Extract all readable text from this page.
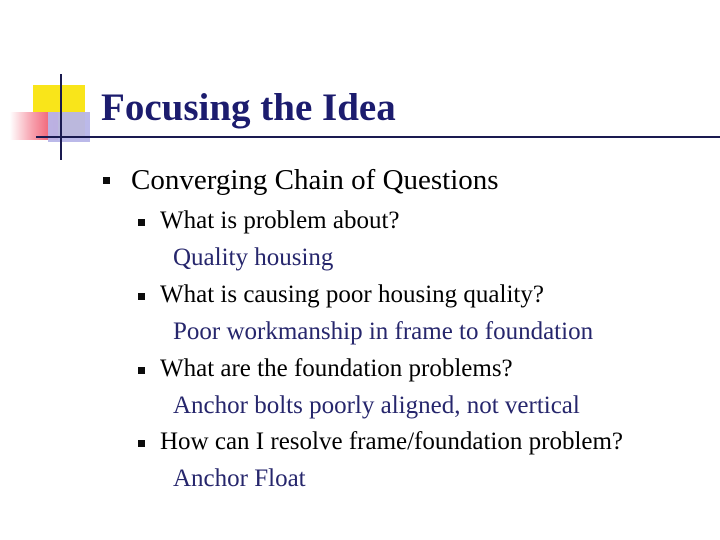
Focusing the Idea
Converging Chain of Questions
What is problem about?
Quality housing
What is causing poor housing quality?
Poor workmanship in frame to foundation
What are the foundation problems?
Anchor bolts poorly aligned, not vertical
How can I resolve frame/foundation problem?
Anchor Float
